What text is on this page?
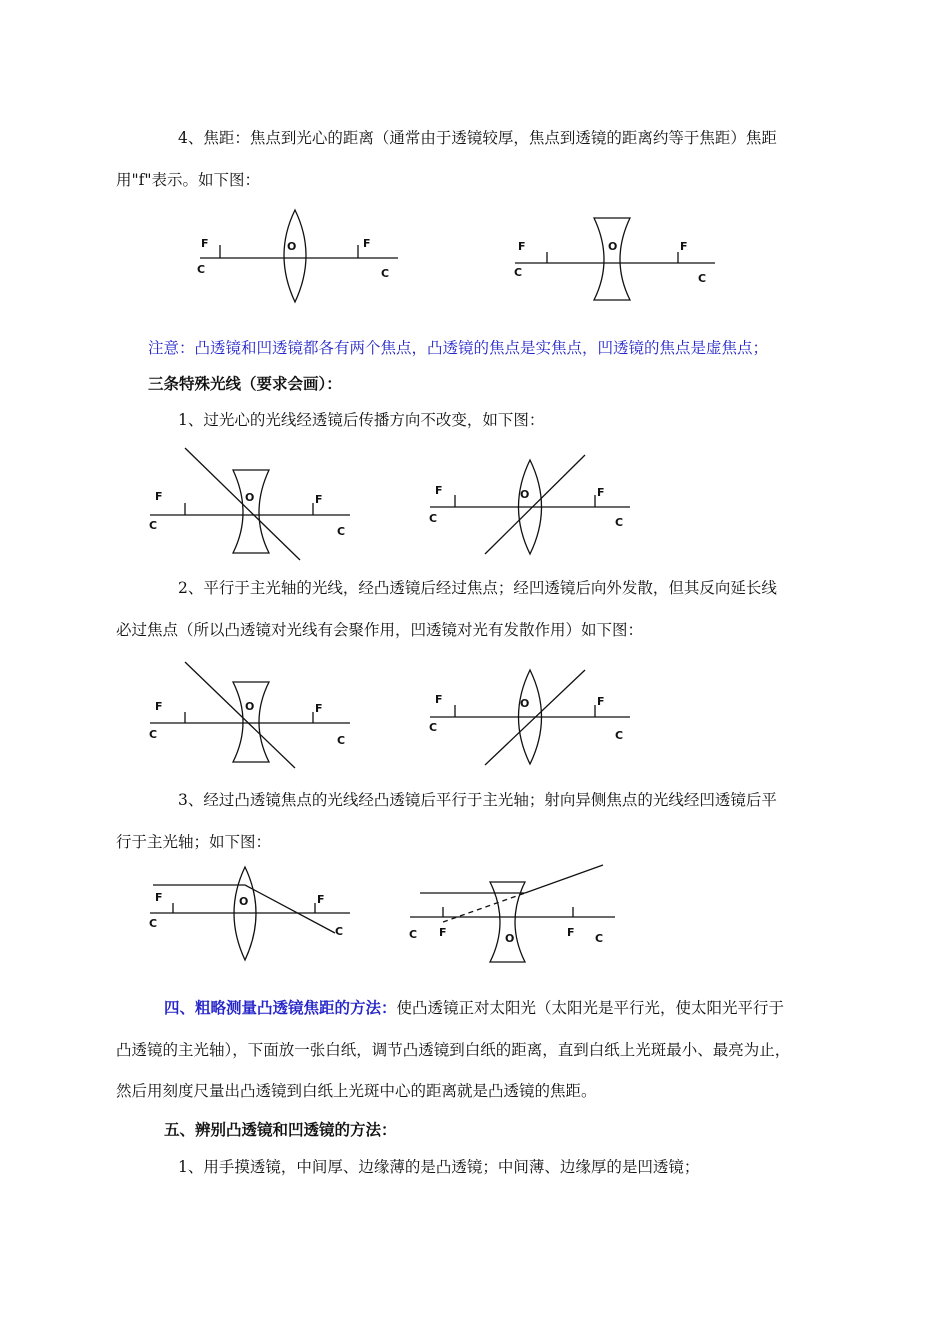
4、焦距：焦点到光心的距离（通常由于透镜较厚，焦点到透镜的距离约等于焦距）焦距
用"f"表示。如下图：
F	F
C	C
O	F	F
C	C
O
注意：凸透镜和凹透镜都各有两个焦点，凸透镜的焦点是实焦点，凹透镜的焦点是虚焦点；
三条特殊光线（要求会画）：
1、过光心的光线经透镜后传播方向不改变，如下图：
F	F
C	C
O
F	F
C	C
O
2、平行于主光轴的光线，经凸透镜后经过焦点；经凹透镜后向外发散，但其反向延长线
必过焦点（所以凸透镜对光线有会聚作用，凹透镜对光有发散作用）如下图：
F	F
C	C
O
F	F
C
C
O
3、经过凸透镜焦点的光线经凸透镜后平行于主光轴；射向异侧焦点的光线经凹透镜后平
行于主光轴；如下图：
F	F
C
C
O
C F	F C
O
四、粗略测量凸透镜焦距的方法：使凸透镜正对太阳光（太阳光是平行光，使太阳光平行于
凸透镜的主光轴），下面放一张白纸，调节凸透镜到白纸的距离，直到白纸上光斑最小、最亮为止，
然后用刻度尺量出凸透镜到白纸上光斑中心的距离就是凸透镜的焦距。
五、辨别凸透镜和凹透镜的方法：
1、用手摸透镜，中间厚、边缘薄的是凸透镜；中间薄、边缘厚的是凹透镜；
